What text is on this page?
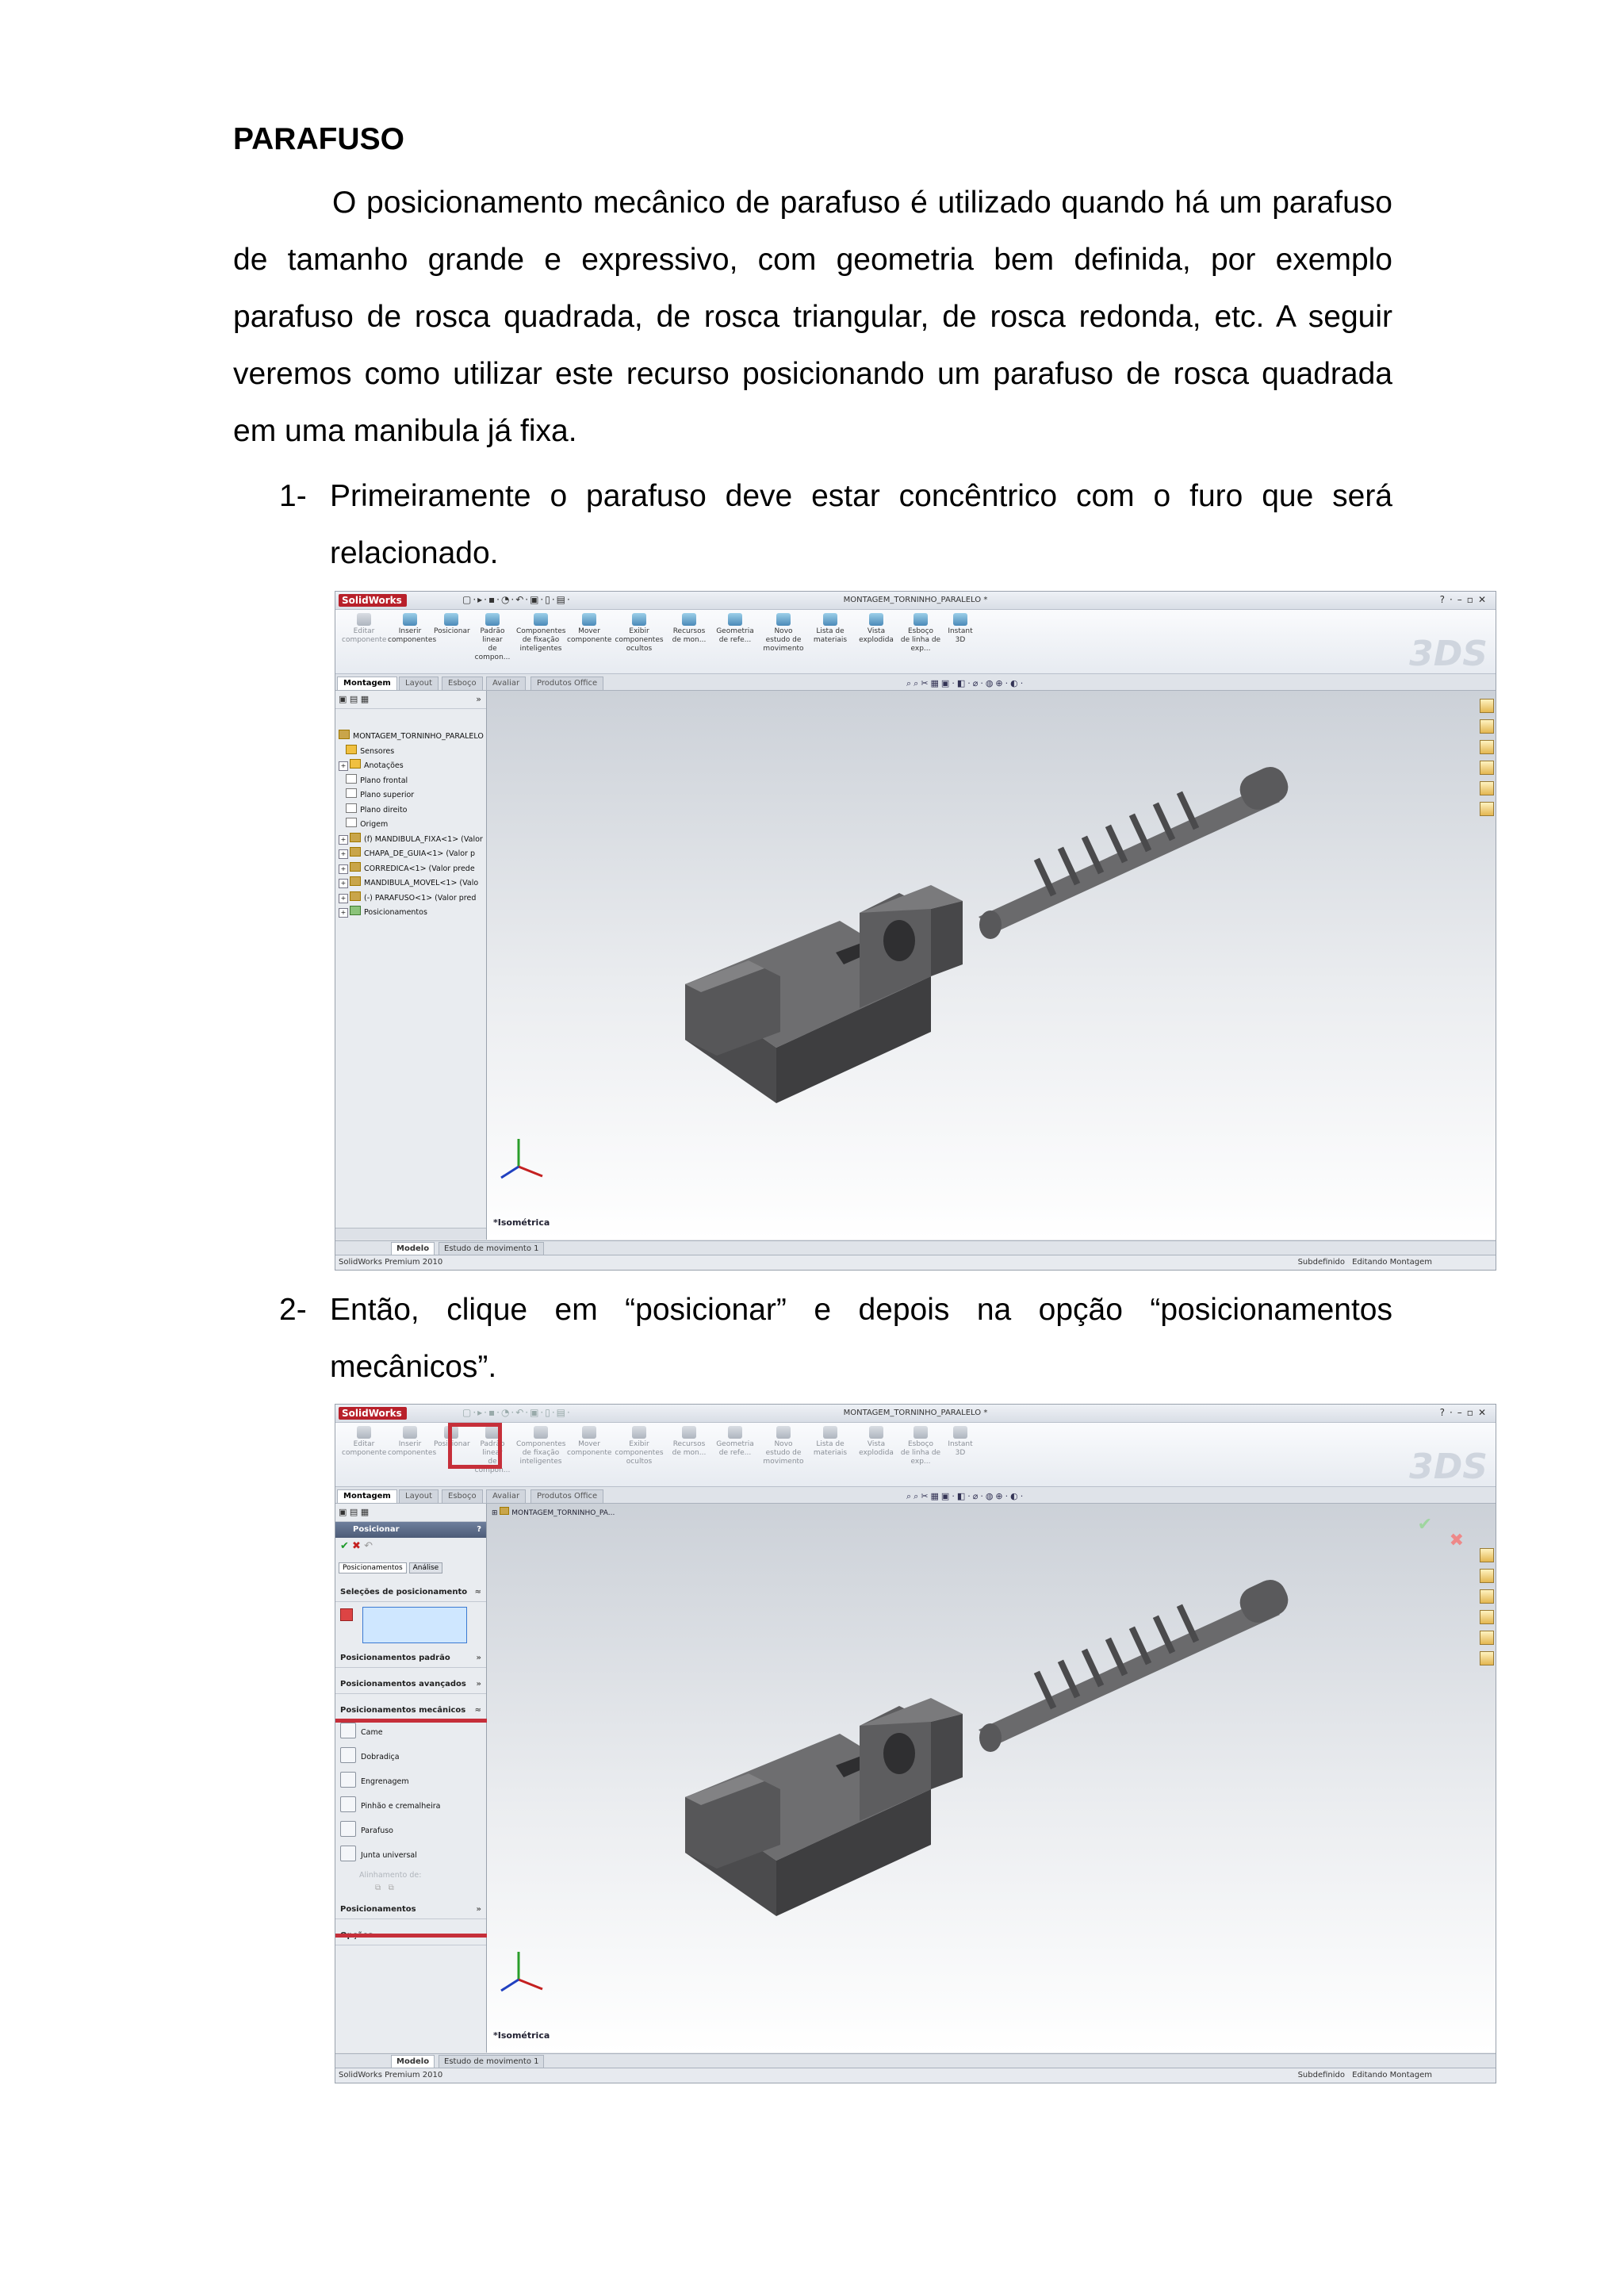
PARAFUSO
O posicionamento mecânico de parafuso é utilizado quando há um parafuso de tamanho grande e expressivo, com geometria bem definida, por exemplo parafuso de rosca quadrada, de rosca triangular, de rosca redonda, etc. A seguir veremos como utilizar este recurso posicionando um parafuso de rosca quadrada em uma manibula já fixa.
1- Primeiramente o parafuso deve estar concêntrico com o furo que será
relacionado.
2- Então, clique em “posicionar” e depois na opção “posicionamentos
mecânicos”.
SolidWorks	▢·▸·▪·◔·↶·▣·▯·▤·	MONTAGEM_TORNINHO_PARALELO *	?·–▫✕
Editar
componente
Inserir
componentes
Posicionar	Padrão linear
de compon...
Componentes
de fixação inteligentes
Mover
componente
Exibir
componentes ocultos
Recursos
de mon...
Geometria
de refe...
Novo
estudo de movimento
Lista de
materiais
Vista
explodida
Esboço
de linha de exp...
Instant
3D	3DS
Montagem	Layout	Esboço	Avaliar	Produtos Office	⌕⌕✂▦▣·◧·⌀·◍⊕·◐·
▣ ▤ ▦	»
MONTAGEM_TORNINHO_PARALELO
Sensores
+ Anotações
Plano frontal
Plano superior
Plano direito
Origem
+ (f) MANDIBULA_FIXA<1> (Valor
+ CHAPA_DE_GUIA<1> (Valor p
+ CORREDICA<1> (Valor prede
+ MANDIBULA_MOVEL<1> (Valo
+ (-) PARAFUSO<1> (Valor pred
+ Posicionamentos
*Isométrica
Modelo	Estudo de movimento 1
SolidWorks Premium 2010	Subdefinido Editando Montagem
SolidWorks	▢·▸·▪·◔·↶·▣·▯·▤·	MONTAGEM_TORNINHO_PARALELO *	?·–▫✕
Editar
componente
Inserir
componentes
Posicionar	Padrão linear
de compon...
Componentes
de fixação inteligentes
Mover
componente
Exibir
componentes ocultos
Recursos
de mon...
Geometria
de refe...
Novo
estudo de movimento
Lista de
materiais
Vista
explodida
Esboço
de linha de exp...
Instant
3D	3DS
Montagem	Layout	Esboço	Avaliar	Produtos Office	⌕⌕✂▦▣·◧·⌀·◍⊕·◐·
▣ ▤ ▦
Posicionar	?
✔ ✖ ↶
Posicionamentos Análise
Seleções de posicionamento ≈
Posicionamentos padrão	»
Posicionamentos avançados »
Posicionamentos mecânicos ≈
Came
Dobradiça
Engrenagem
Pinhão e cremalheira
Parafuso
Junta universal
Alinhamento de:
⧉   ⧉
Posicionamentos	»
Opções	»
⊞  MONTAGEM_TORNINHO_PA...
✔
✖
*Isométrica
Modelo	Estudo de movimento 1
SolidWorks Premium 2010	Subdefinido Editando Montagem
